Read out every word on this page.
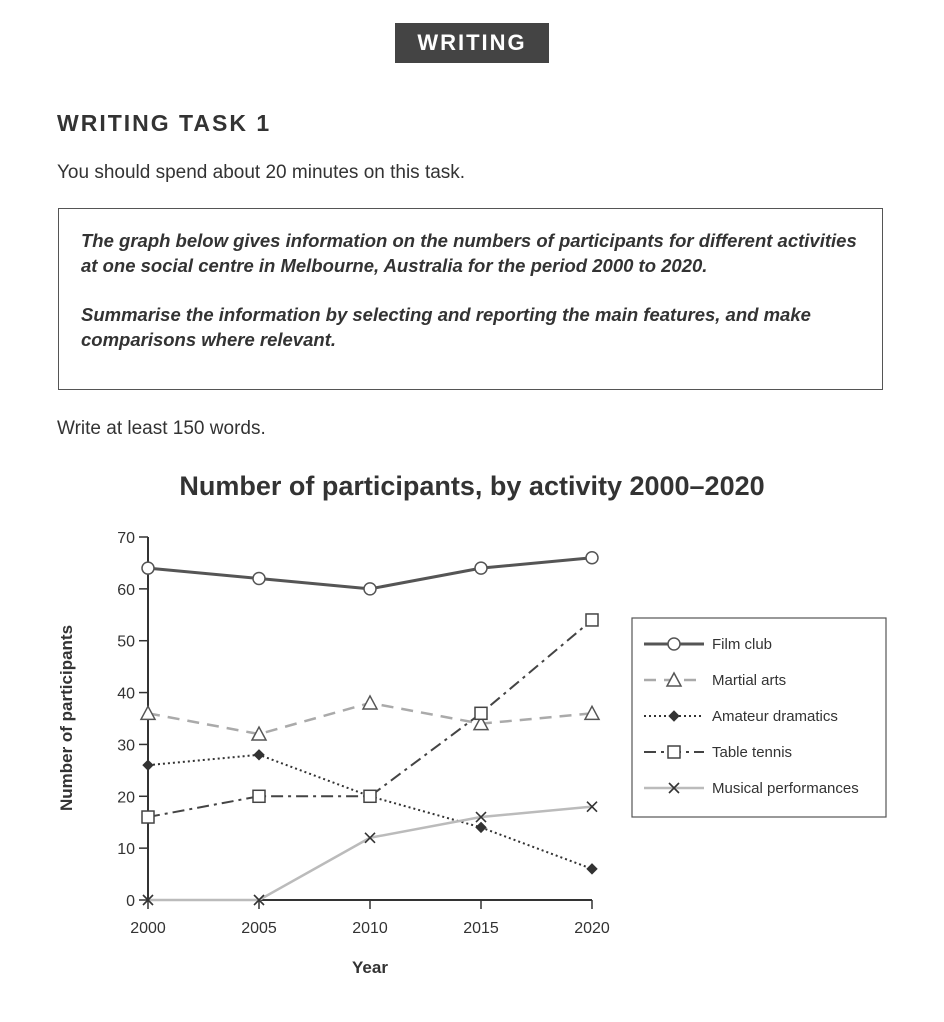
WRITING
WRITING TASK 1
You should spend about 20 minutes on this task.

The graph below gives information on the numbers of participants for different activities at one social centre in Melbourne, Australia for the period 2000 to 2020.

Summarise the information by selecting and reporting the main features, and make comparisons where relevant.

Write at least 150 words.
Number of participants, by activity 2000–2020
0
10
20
30
40
50
60
70
2000	2005	2010	2015	2020
Film club
Martial arts
Amateur dramatics
Table tennis
Musical performances
Year
Number of participants
